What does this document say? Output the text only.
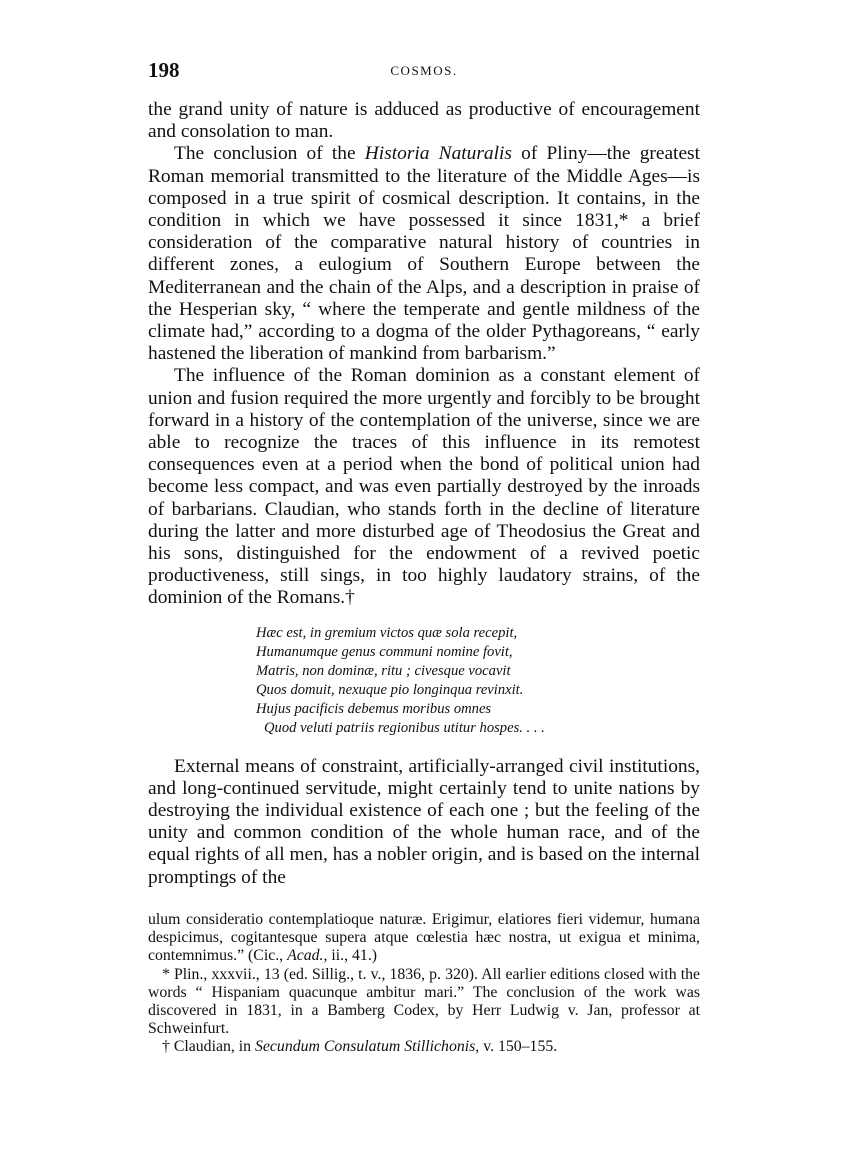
198	COSMOS.

the grand unity of nature is adduced as productive of encouragement and consolation to man.

The conclusion of the Historia Naturalis of Pliny—the greatest Roman memorial transmitted to the literature of the Middle Ages—is composed in a true spirit of cosmical description. It contains, in the condition in which we have possessed it since 1831,* a brief consideration of the comparative natural history of countries in different zones, a eulogium of Southern Europe between the Mediterranean and the chain of the Alps, and a description in praise of the Hesperian sky, “ where the temperate and gentle mildness of the climate had,” according to a dogma of the older Pythagoreans, “ early hastened the liberation of mankind from barbarism.”

The influence of the Roman dominion as a constant element of union and fusion required the more urgently and forcibly to be brought forward in a history of the contemplation of the universe, since we are able to recognize the traces of this influence in its remotest consequences even at a period when the bond of political union had become less compact, and was even partially destroyed by the inroads of barbarians. Claudian, who stands forth in the decline of literature during the latter and more disturbed age of Theodosius the Great and his sons, distinguished for the endowment of a revived poetic productiveness, still sings, in too highly laudatory strains, of the dominion of the Romans.†

Hæc est, in gremium victos quæ sola recepit,
Humanumque genus communi nomine fovit,
Matris, non dominæ, ritu ; civesque vocavit
Quos domuit, nexuque pio longinqua revinxit.
Hujus pacificis debemus moribus omnes
Quod veluti patriis regionibus utitur hospes. . . .

External means of constraint, artificially-arranged civil institutions, and long-continued servitude, might certainly tend to unite nations by destroying the individual existence of each one ; but the feeling of the unity and common condition of the whole human race, and of the equal rights of all men, has a nobler origin, and is based on the internal promptings of the

ulum consideratio contemplatioque naturæ. Erigimur, elatiores fieri videmur, humana despicimus, cogitantesque supera atque cœlestia hæc nostra, ut exigua et minima, contemnimus.” (Cic., Acad., ii., 41.)

* Plin., xxxvii., 13 (ed. Sillig., t. v., 1836, p. 320). All earlier editions closed with the words “ Hispaniam quacunque ambitur mari.” The conclusion of the work was discovered in 1831, in a Bamberg Codex, by Herr Ludwig v. Jan, professor at Schweinfurt.

† Claudian, in Secundum Consulatum Stillichonis, v. 150–155.
